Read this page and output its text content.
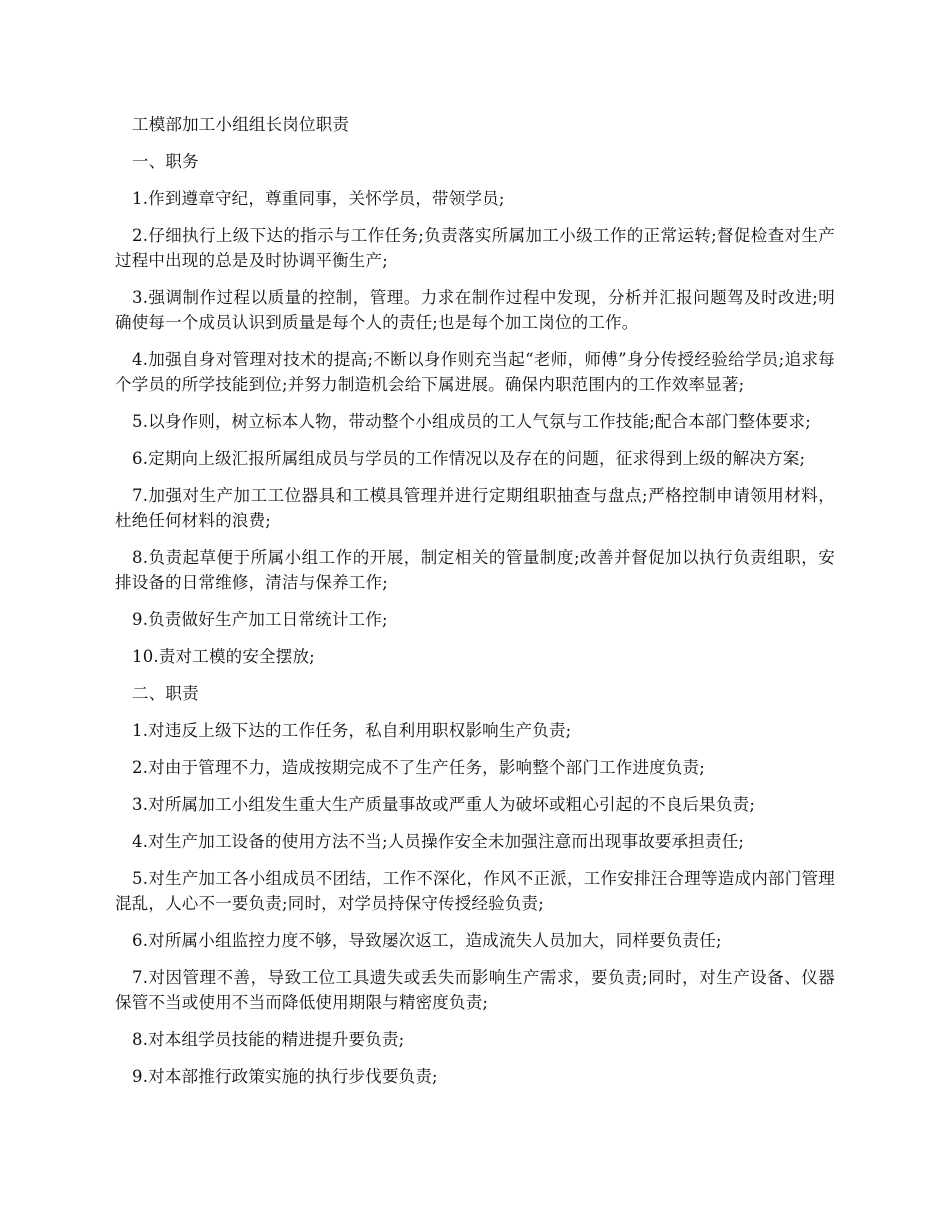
工模部加工小组组长岗位职责

一、职务

1.作到遵章守纪，尊重同事，关怀学员，带领学员;

2.仔细执行上级下达的指示与工作任务;负责落实所属加工小级工作的正常运转;督促检查对生产过程中出现的总是及时协调平衡生产;

3.强调制作过程以质量的控制，管理。力求在制作过程中发现，分析并汇报问题驾及时改进;明确使每一个成员认识到质量是每个人的责任;也是每个加工岗位的工作。

4.加强自身对管理对技术的提高;不断以身作则充当起“老师，师傅”身分传授经验给学员;追求每个学员的所学技能到位;并努力制造机会给下属进展。确保内职范围内的工作效率显著;

5.以身作则，树立标本人物，带动整个小组成员的工人气氛与工作技能;配合本部门整体要求;

6.定期向上级汇报所属组成员与学员的工作情况以及存在的问题，征求得到上级的解决方案;

7.加强对生产加工工位器具和工模具管理并进行定期组职抽查与盘点;严格控制申请领用材料，杜绝任何材料的浪费;

8.负责起草便于所属小组工作的开展，制定相关的管量制度;改善并督促加以执行负责组职，安排设备的日常维修，清洁与保养工作;

9.负责做好生产加工日常统计工作;

10.责对工模的安全摆放;

二、职责

1.对违反上级下达的工作任务，私自利用职权影响生产负责;

2.对由于管理不力，造成按期完成不了生产任务，影响整个部门工作进度负责;

3.对所属加工小组发生重大生产质量事故或严重人为破坏或粗心引起的不良后果负责;

4.对生产加工设备的使用方法不当;人员操作安全未加强注意而出现事故要承担责任;

5.对生产加工各小组成员不团结，工作不深化，作风不正派，工作安排汪合理等造成内部门管理混乱，人心不一要负责;同时，对学员持保守传授经验负责;

6.对所属小组监控力度不够，导致屡次返工，造成流失人员加大，同样要负责任;

7.对因管理不善，导致工位工具遗失或丢失而影响生产需求，要负责;同时，对生产设备、仪器保管不当或使用不当而降低使用期限与精密度负责;

8.对本组学员技能的精进提升要负责;

9.对本部推行政策实施的执行步伐要负责;
